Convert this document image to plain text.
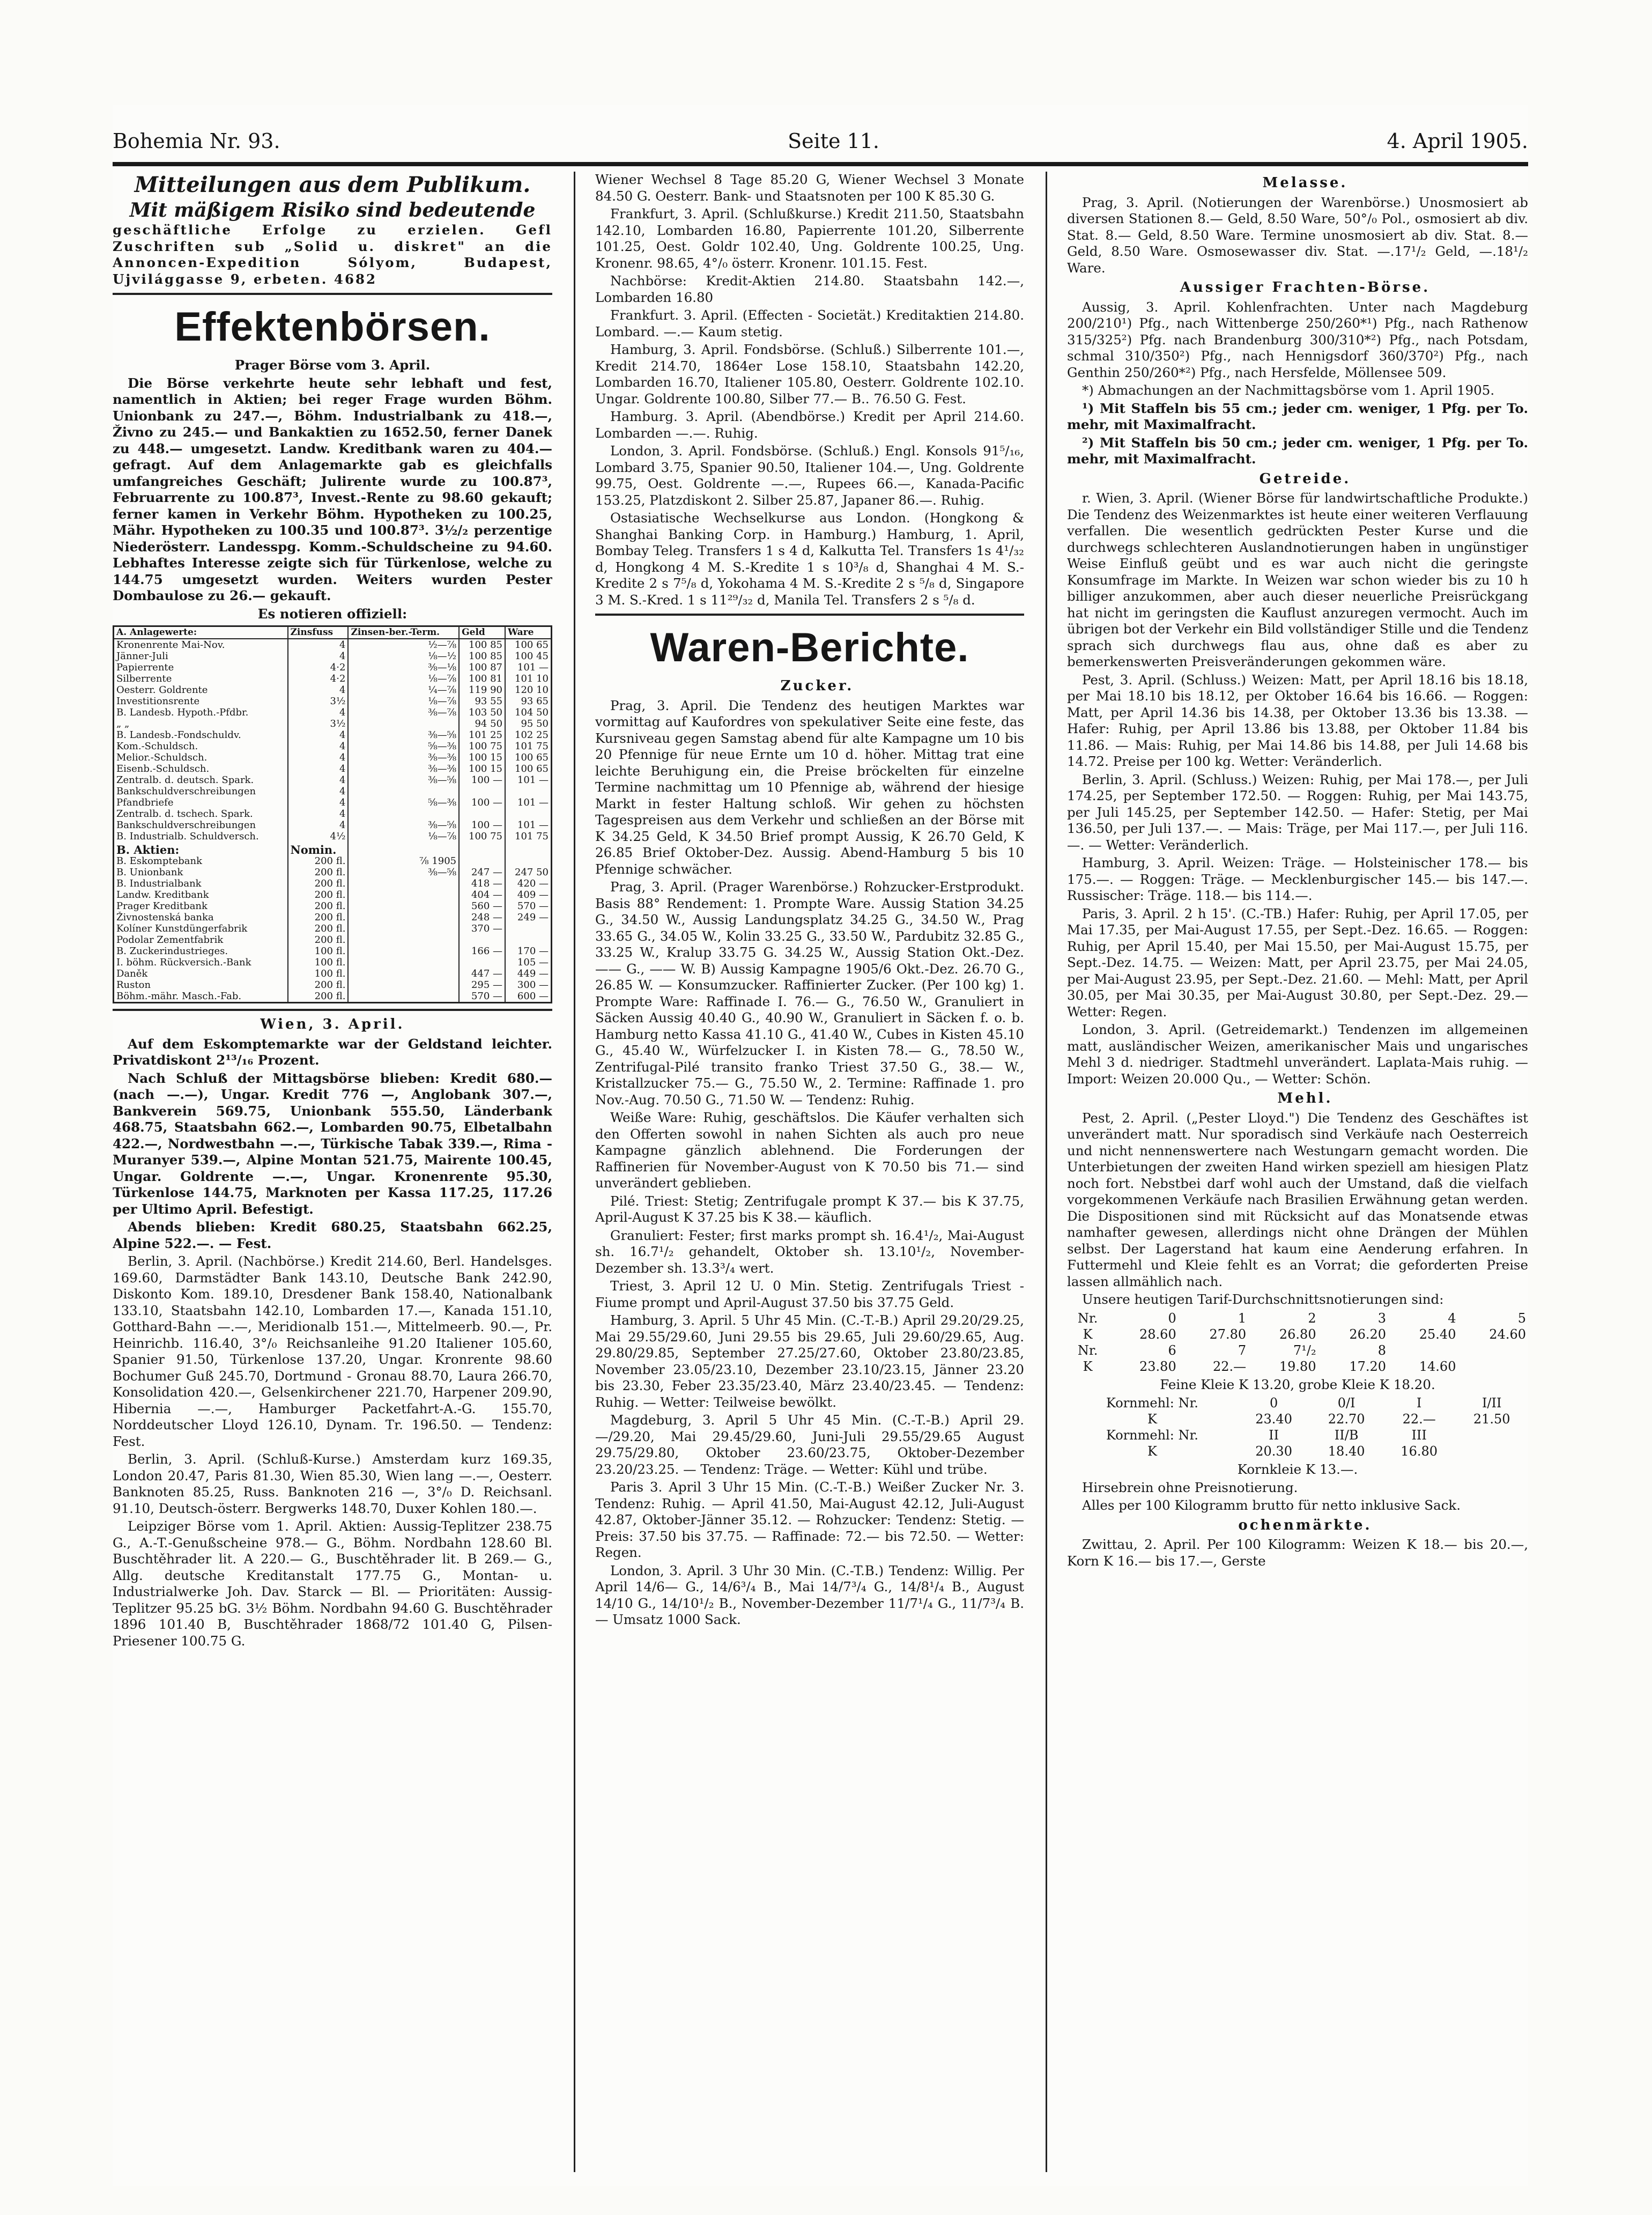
Bohemia Nr. 93.	Seite 11.	4. April 1905.
Mitteilungen aus dem Publikum.
Mit mäßigem Risiko sind bedeutende

geschäftliche Erfolge zu erzielen. Gefl Zuschriften sub „Solid u. diskret" an die Annoncen-Expedition Sólyom, Budapest, Ujvilággasse 9, erbeten. 4682

Effektenbörsen.

Prager Börse vom 3. April.

Die Börse verkehrte heute sehr lebhaft und fest, namentlich in Aktien; bei reger Frage wurden Böhm. Unionbank zu 247.—, Böhm. Industrialbank zu 418.—, Živno zu 245.— und Bankaktien zu 1652.50, ferner Danek zu 448.— umgesetzt. Landw. Kreditbank waren zu 404.— gefragt. Auf dem Anlagemarkte gab es gleichfalls umfangreiches Geschäft; Julirente wurde zu 100.87³, Februarrente zu 100.87³, Invest.-Rente zu 98.60 gekauft; ferner kamen in Verkehr Böhm. Hypotheken zu 100.25, Mähr. Hypotheken zu 100.35 und 100.87³. 3½/₂ perzentige Niederösterr. Landesspg. Komm.-Schuldscheine zu 94.60. Lebhaftes Interesse zeigte sich für Türkenlose, welche zu 144.75 umgesetzt wurden. Weiters wurden Pester Dombaulose zu 26.— gekauft.

Es notieren offiziell:

A. Anlagewerte:	Zinsfuss	Zinsen-ber.-Term.	Geld	Ware
Kronenrente Mai-Nov.	4	½—⅞	100 85	100 65
Jänner-Juli	4	⅛—½	100 85	100 45
Papierrente	4·2	⅜—⅛	100 87	101 —
Silberrente	4·2	⅛—⅞	100 81	101 10
Oesterr. Goldrente	4	¼—⅞	119 90	120 10
Investitionsrente	3½	⅛—⅞	93 55	93 65
B. Landesb. Hypoth.-Pfdbr.	4	⅜—⅞	103 50	104 50
„ „	3½		94 50	95 50
B. Landesb.-Fondschuldv.	4	⅜—⅝	101 25	102 25
Kom.-Schuldsch.	4	⅝—⅜	100 75	101 75
Melior.-Schuldsch.	4	⅜—⅜	100 15	100 65
Eisenb.-Schuldsch.	4	⅜—⅜	100 15	100 65
Zentralb. d. deutsch. Spark.	4	⅜—⅝	100 —	101 —
Bankschuldverschreibungen	4			
Pfandbriefe	4	⅝—⅜	100 —	101 —
Zentralb. d. tschech. Spark.	4			
Bankschuldverschreibungen	4	⅜—⅝	100 —	101 —
B. Industrialb. Schuldversch.	4½	⅛—⅞	100 75	101 75
B. Aktien:	Nomin.			
B. Eskomptebank	200 fl.	⅞ 1905		
B. Unionbank	200 fl.	⅜—⅝	247 —	247 50
B. Industrialbank	200 fl.		418 —	420 —
Landw. Kreditbank	200 fl.		404 —	409 —
Prager Kreditbank	200 fl.		560 —	570 —
Živnostenská banka	200 fl.		248 —	249 —
Kolíner Kunstdüngerfabrik	200 fl.		370 —	
Podolar Zementfabrik	200 fl.			
B. Zuckerindustrieges.	100 fl.		166 —	170 —
I. böhm. Rückversich.-Bank	100 fl.			105 —
Daněk	100 fl.		447 —	449 —
Ruston	200 fl.		295 —	300 —
Böhm.-mähr. Masch.-Fab.	200 fl.		570 —	600 —

Wien, 3. April.

Auf dem Eskomptemarkte war der Geldstand leichter. Privatdiskont 2¹³/₁₆ Prozent.

Nach Schluß der Mittagsbörse blieben: Kredit 680.— (nach —.—), Ungar. Kredit 776 —, Anglobank 307.—, Bankverein 569.75, Unionbank 555.50, Länderbank 468.75, Staatsbahn 662.—, Lombarden 90.75, Elbetalbahn 422.—, Nordwestbahn —.—, Türkische Tabak 339.—, Rima - Muranyer 539.—, Alpine Montan 521.75, Mairente 100.45, Ungar. Goldrente —.—, Ungar. Kronenrente 95.30, Türkenlose 144.75, Marknoten per Kassa 117.25, 117.26 per Ultimo April. Befestigt.

Abends blieben: Kredit 680.25, Staatsbahn 662.25, Alpine 522.—. — Fest.

Berlin, 3. April. (Nachbörse.) Kredit 214.60, Berl. Handelsges. 169.60, Darmstädter Bank 143.10, Deutsche Bank 242.90, Diskonto Kom. 189.10, Dresdener Bank 158.40, Nationalbank 133.10, Staatsbahn 142.10, Lombarden 17.—, Kanada 151.10, Gotthard-Bahn —.—, Meridionalb 151.—, Mittelmeerb. 90.—, Pr. Heinrichb. 116.40, 3°/₀ Reichsanleihe 91.20 Italiener 105.60, Spanier 91.50, Türkenlose 137.20, Ungar. Kronrente 98.60 Bochumer Guß 245.70, Dortmund - Gronau 88.70, Laura 266.70, Konsolidation 420.—, Gelsenkirchener 221.70, Harpener 209.90, Hibernia —.—, Hamburger Packetfahrt-A.-G. 155.70, Norddeutscher Lloyd 126.10, Dynam. Tr. 196.50. — Tendenz: Fest.

Berlin, 3. April. (Schluß-Kurse.) Amsterdam kurz 169.35, London 20.47, Paris 81.30, Wien 85.30, Wien lang —.—, Oesterr. Banknoten 85.25, Russ. Banknoten 216 —, 3°/₀ D. Reichsanl. 91.10, Deutsch-österr. Bergwerks 148.70, Duxer Kohlen 180.—.

Leipziger Börse vom 1. April. Aktien: Aussig-Teplitzer 238.75 G., A.-T.-Genußscheine 978.— G., Böhm. Nordbahn 128.60 Bl. Buschtěhrader lit. A 220.— G., Buschtěhrader lit. B 269.— G., Allg. deutsche Kreditanstalt 177.75 G., Montan- u. Industrialwerke Joh. Dav. Starck — Bl. — Prioritäten: Aussig-Teplitzer 95.25 bG. 3½ Böhm. Nordbahn 94.60 G. Buschtěhrader 1896 101.40 B, Buschtěhrader 1868/72 101.40 G, Pilsen-Priesener 100.75 G.

Wiener Wechsel 8 Tage 85.20 G, Wiener Wechsel 3 Monate 84.50 G. Oesterr. Bank- und Staatsnoten per 100 K 85.30 G.

Frankfurt, 3. April. (Schlußkurse.) Kredit 211.50, Staatsbahn 142.10, Lombarden 16.80, Papierrente 101.20, Silberrente 101.25, Oest. Goldr 102.40, Ung. Goldrente 100.25, Ung. Kronenr. 98.65, 4°/₀ österr. Kronenr. 101.15. Fest.

Nachbörse: Kredit-Aktien 214.80. Staatsbahn 142.—, Lombarden 16.80

Frankfurt. 3. April. (Effecten - Societät.) Kreditaktien 214.80. Lombard. —.— Kaum stetig.

Hamburg, 3. April. Fondsbörse. (Schluß.) Silberrente 101.—, Kredit 214.70, 1864er Lose 158.10, Staatsbahn 142.20, Lombarden 16.70, Italiener 105.80, Oesterr. Goldrente 102.10. Ungar. Goldrente 100.80, Silber 77.— B.. 76.50 G. Fest.

Hamburg. 3. April. (Abendbörse.) Kredit per April 214.60. Lombarden —.—. Ruhig.

London, 3. April. Fondsbörse. (Schluß.) Engl. Konsols 91⁵/₁₆, Lombard 3.75, Spanier 90.50, Italiener 104.—, Ung. Goldrente 99.75, Oest. Goldrente —.—, Rupees 66.—, Kanada-Pacific 153.25, Platzdiskont 2. Silber 25.87, Japaner 86.—. Ruhig.

Ostasiatische Wechselkurse aus London. (Hongkong & Shanghai Banking Corp. in Hamburg.) Hamburg, 1. April, Bombay Teleg. Transfers 1 s 4 d, Kalkutta Tel. Transfers 1s 4¹/₃₂ d, Hongkong 4 M. S.-Kredite 1 s 10³/₈ d, Shanghai 4 M. S.-Kredite 2 s 7⁵/₈ d, Yokohama 4 M. S.-Kredite 2 s ⁵/₈ d, Singapore 3 M. S.-Kred. 1 s 11²⁹/₃₂ d, Manila Tel. Transfers 2 s ⁵/₈ d.

Waren-Berichte.

Zucker.

Prag, 3. April. Die Tendenz des heutigen Marktes war vormittag auf Kaufordres von spekulativer Seite eine feste, das Kursniveau gegen Samstag abend für alte Kampagne um 10 bis 20 Pfennige für neue Ernte um 10 d. höher. Mittag trat eine leichte Beruhigung ein, die Preise bröckelten für einzelne Termine nachmittag um 10 Pfennige ab, während der hiesige Markt in fester Haltung schloß. Wir gehen zu höchsten Tagespreisen aus dem Verkehr und schließen an der Börse mit K 34.25 Geld, K 34.50 Brief prompt Aussig, K 26.70 Geld, K 26.85 Brief Oktober-Dez. Aussig. Abend-Hamburg 5 bis 10 Pfennige schwächer.

Prag, 3. April. (Prager Warenbörse.) Rohzucker-Erstprodukt. Basis 88° Rendement: 1. Prompte Ware. Aussig Station 34.25 G., 34.50 W., Aussig Landungsplatz 34.25 G., 34.50 W., Prag 33.65 G., 34.05 W., Kolin 33.25 G., 33.50 W., Pardubitz 32.85 G., 33.25 W., Kralup 33.75 G. 34.25 W., Aussig Station Okt.-Dez. —— G., —— W. B) Aussig Kampagne 1905/6 Okt.-Dez. 26.70 G., 26.85 W. — Konsumzucker. Raffinierter Zucker. (Per 100 kg) 1. Prompte Ware: Raffinade I. 76.— G., 76.50 W., Granuliert in Säcken Aussig 40.40 G., 40.90 W., Granuliert in Säcken f. o. b. Hamburg netto Kassa 41.10 G., 41.40 W., Cubes in Kisten 45.10 G., 45.40 W., Würfelzucker I. in Kisten 78.— G., 78.50 W., Zentrifugal-Pilé transito franko Triest 37.50 G., 38.— W., Kristallzucker 75.— G., 75.50 W., 2. Termine: Raffinade 1. pro Nov.-Aug. 70.50 G., 71.50 W. — Tendenz: Ruhig.

Weiße Ware: Ruhig, geschäftslos. Die Käufer verhalten sich den Offerten sowohl in nahen Sichten als auch pro neue Kampagne gänzlich ablehnend. Die Forderungen der Raffinerien für November-August von K 70.50 bis 71.— sind unverändert geblieben.

Pilé. Triest: Stetig; Zentrifugale prompt K 37.— bis K 37.75, April-August K 37.25 bis K 38.— käuflich.

Granuliert: Fester; first marks prompt sh. 16.4¹/₂, Mai-August sh. 16.7¹/₂ gehandelt, Oktober sh. 13.10¹/₂, November-Dezember sh. 13.3³/₄ wert.

Triest, 3. April 12 U. 0 Min. Stetig. Zentrifugals Triest - Fiume prompt und April-August 37.50 bis 37.75 Geld.

Hamburg, 3. April. 5 Uhr 45 Min. (C.-T.-B.) April 29.20/29.25, Mai 29.55/29.60, Juni 29.55 bis 29.65, Juli 29.60/29.65, Aug. 29.80/29.85, September 27.25/27.60, Oktober 23.80/23.85, November 23.05/23.10, Dezember 23.10/23.15, Jänner 23.20 bis 23.30, Feber 23.35/23.40, März 23.40/23.45. — Tendenz: Ruhig. — Wetter: Teilweise bewölkt.

Magdeburg, 3. April 5 Uhr 45 Min. (C.-T.-B.) April 29.—/29.20, Mai 29.45/29.60, Juni-Juli 29.55/29.65 August 29.75/29.80, Oktober 23.60/23.75, Oktober-Dezember 23.20/23.25. — Tendenz: Träge. — Wetter: Kühl und trübe.

Paris 3. April 3 Uhr 15 Min. (C.-T.-B.) Weißer Zucker Nr. 3. Tendenz: Ruhig. — April 41.50, Mai-August 42.12, Juli-August 42.87, Oktober-Jänner 35.12. — Rohzucker: Tendenz: Stetig. — Preis: 37.50 bis 37.75. — Raffinade: 72.— bis 72.50. — Wetter: Regen.

London, 3. April. 3 Uhr 30 Min. (C.-T.B.) Tendenz: Willig. Per April 14/6— G., 14/6³/₄ B., Mai 14/7³/₄ G., 14/8¹/₄ B., August 14/10 G., 14/10¹/₂ B., November-Dezember 11/7¹/₄ G., 11/7³/₄ B. — Umsatz 1000 Sack.

Melasse.

Prag, 3. April. (Notierungen der Warenbörse.) Unosmosiert ab diversen Stationen 8.— Geld, 8.50 Ware, 50°/₀ Pol., osmosiert ab div. Stat. 8.— Geld, 8.50 Ware. Termine unosmosiert ab div. Stat. 8.— Geld, 8.50 Ware. Osmosewasser div. Stat. —.17¹/₂ Geld, —.18¹/₂ Ware.

Aussiger Frachten-Börse.

Aussig, 3. April. Kohlenfrachten. Unter nach Magdeburg 200/210¹) Pfg., nach Wittenberge 250/260*¹) Pfg., nach Rathenow 315/325²) Pfg. nach Brandenburg 300/310*²) Pfg., nach Potsdam, schmal 310/350²) Pfg., nach Hennigsdorf 360/370²) Pfg., nach Genthin 250/260*²) Pfg., nach Hersfelde, Möllensee 509.

*) Abmachungen an der Nachmittagsbörse vom 1. April 1905.

¹) Mit Staffeln bis 55 cm.; jeder cm. weniger, 1 Pfg. per To. mehr, mit Maximalfracht.

²) Mit Staffeln bis 50 cm.; jeder cm. weniger, 1 Pfg. per To. mehr, mit Maximalfracht.

Getreide.

r. Wien, 3. April. (Wiener Börse für landwirtschaftliche Produkte.) Die Tendenz des Weizenmarktes ist heute einer weiteren Verflauung verfallen. Die wesentlich gedrückten Pester Kurse und die durchwegs schlechteren Auslandnotierungen haben in ungünstiger Weise Einfluß geübt und es war auch nicht die geringste Konsumfrage im Markte. In Weizen war schon wieder bis zu 10 h billiger anzukommen, aber auch dieser neuerliche Preisrückgang hat nicht im geringsten die Kauflust anzuregen vermocht. Auch im übrigen bot der Verkehr ein Bild vollständiger Stille und die Tendenz sprach sich durchwegs flau aus, ohne daß es aber zu bemerkenswerten Preisveränderungen gekommen wäre.

Pest, 3. April. (Schluss.) Weizen: Matt, per April 18.16 bis 18.18, per Mai 18.10 bis 18.12, per Oktober 16.64 bis 16.66. — Roggen: Matt, per April 14.36 bis 14.38, per Oktober 13.36 bis 13.38. — Hafer: Ruhig, per April 13.86 bis 13.88, per Oktober 11.84 bis 11.86. — Mais: Ruhig, per Mai 14.86 bis 14.88, per Juli 14.68 bis 14.72. Preise per 100 kg. Wetter: Veränderlich.

Berlin, 3. April. (Schluss.) Weizen: Ruhig, per Mai 178.—, per Juli 174.25, per September 172.50. — Roggen: Ruhig, per Mai 143.75, per Juli 145.25, per September 142.50. — Hafer: Stetig, per Mai 136.50, per Juli 137.—. — Mais: Träge, per Mai 117.—, per Juli 116.—. — Wetter: Veränderlich.

Hamburg, 3. April. Weizen: Träge. — Holsteinischer 178.— bis 175.—. — Roggen: Träge. — Mecklenburgischer 145.— bis 147.—. Russischer: Träge. 118.— bis 114.—.

Paris, 3. April. 2 h 15'. (C.-TB.) Hafer: Ruhig, per April 17.05, per Mai 17.35, per Mai-August 17.55, per Sept.-Dez. 16.65. — Roggen: Ruhig, per April 15.40, per Mai 15.50, per Mai-August 15.75, per Sept.-Dez. 14.75. — Weizen: Matt, per April 23.75, per Mai 24.05, per Mai-August 23.95, per Sept.-Dez. 21.60. — Mehl: Matt, per April 30.05, per Mai 30.35, per Mai-August 30.80, per Sept.-Dez. 29.— Wetter: Regen.

London, 3. April. (Getreidemarkt.) Tendenzen im allgemeinen matt, ausländischer Weizen, amerikanischer Mais und ungarisches Mehl 3 d. niedriger. Stadtmehl unverändert. Laplata-Mais ruhig. — Import: Weizen 20.000 Qu., — Wetter: Schön.

Mehl.

Pest, 2. April. („Pester Lloyd.") Die Tendenz des Geschäftes ist unverändert matt. Nur sporadisch sind Verkäufe nach Oesterreich und nicht nennenswertere nach Westungarn gemacht worden. Die Unterbietungen der zweiten Hand wirken speziell am hiesigen Platz noch fort. Nebstbei darf wohl auch der Umstand, daß die vielfach vorgekommenen Verkäufe nach Brasilien Erwähnung getan werden. Die Dispositionen sind mit Rücksicht auf das Monatsende etwas namhafter gewesen, allerdings nicht ohne Drängen der Mühlen selbst. Der Lagerstand hat kaum eine Aenderung erfahren. In Futtermehl und Kleie fehlt es an Vorrat; die geforderten Preise lassen allmählich nach.

Unsere heutigen Tarif-Durchschnittsnotierungen sind:

Nr.	0	1	2	3	4	5
K	28.60	27.80	26.80	26.20	25.40	24.60
Nr.	6	7	7¹/₂	8		
K	23.80	22.—	19.80	17.20	14.60	

Feine Kleie K 13.20, grobe Kleie K 18.20.

Kornmehl: Nr.	0	0/I	I	I/II
K	23.40	22.70	22.—	21.50
Kornmehl: Nr.	II	II/B	III	
K	20.30	18.40	16.80	

Kornkleie K 13.—.

Hirsebrein ohne Preisnotierung.

Alles per 100 Kilogramm brutto für netto inklusive Sack.

ochenmärkte.

Zwittau, 2. April. Per 100 Kilogramm: Weizen K 18.— bis 20.—, Korn K 16.— bis 17.—, Gerste
